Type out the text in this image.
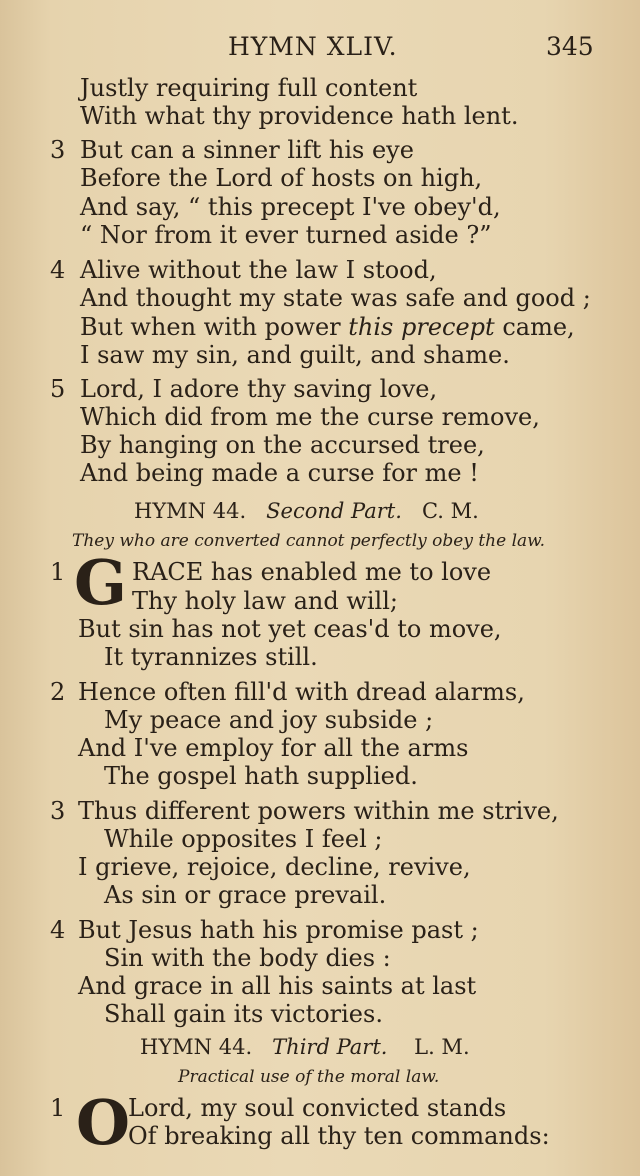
HYMN XLIV.	345
Justly requiring full content
With what thy providence hath lent.
3 But can a sinner lift his eye
Before the Lord of hosts on high,
And say, “ this precept I've obey'd,
“ Nor from it ever turned aside ?”
4 Alive without the law I stood,
And thought my state was safe and good ;
But when with power this precept came,
I saw my sin, and guilt, and shame.
5 Lord, I adore thy saving love,
Which did from me the curse remove,
By hanging on the accursed tree,
And being made a curse for me !
HYMN 44. Second Part. C. M.
They who are converted cannot perfectly obey the law.
1 G RACE has enabled me to love
Thy holy law and will;
But sin has not yet ceas'd to move,
It tyrannizes still.
2 Hence often fill'd with dread alarms,
My peace and joy subside ;
And I've employ for all the arms
The gospel hath supplied.
3 Thus different powers within me strive,
While opposites I feel ;
I grieve, rejoice, decline, revive,
As sin or grace prevail.
4 But Jesus hath his promise past ;
Sin with the body dies :
And grace in all his saints at last
Shall gain its victories.
HYMN 44. Third Part. L. M.
Practical use of the moral law.
1 O
Lord, my soul convicted stands
Of breaking all thy ten commands:
